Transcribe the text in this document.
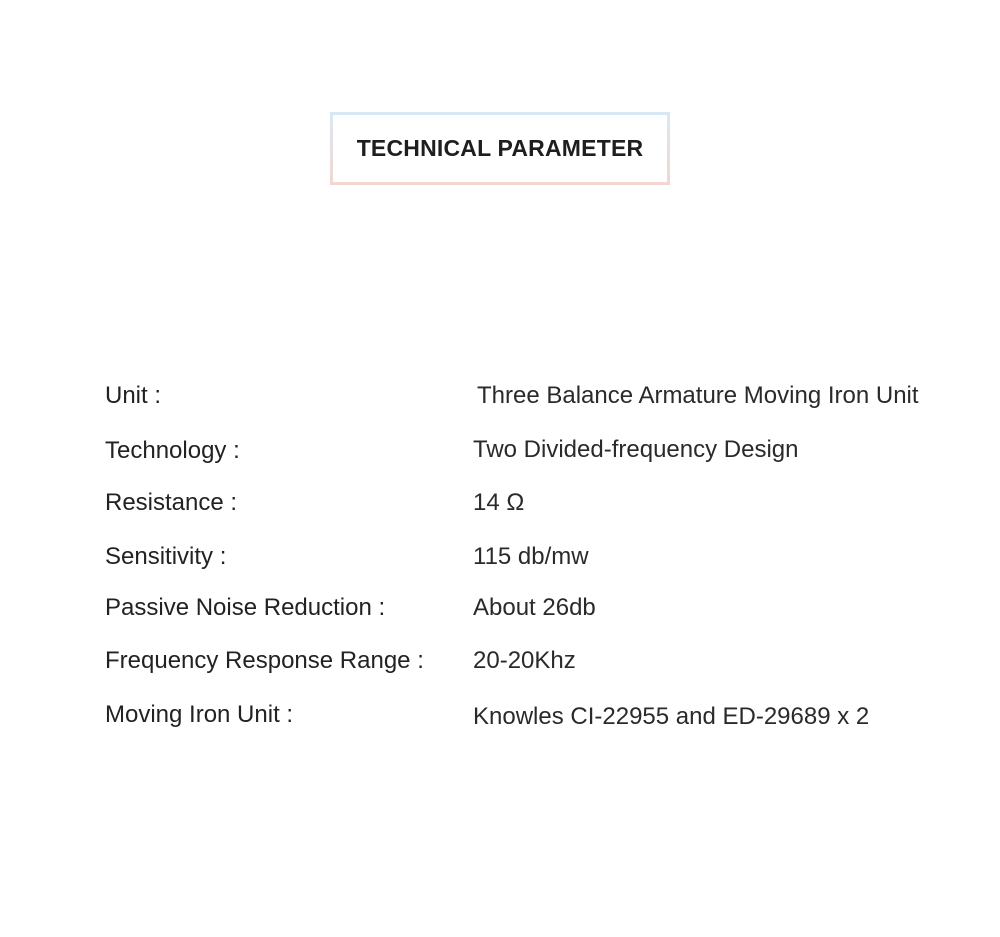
TECHNICAL PARAMETER
Unit :	Three Balance Armature Moving Iron Unit
Technology :	Two Divided-frequency Design
Resistance :	14 Ω
Sensitivity :	115 db/mw
Passive Noise Reduction :	About 26db
Frequency Response Range : 20-20Khz
Moving Iron Unit :	Knowles CI-22955 and ED-29689 x 2
